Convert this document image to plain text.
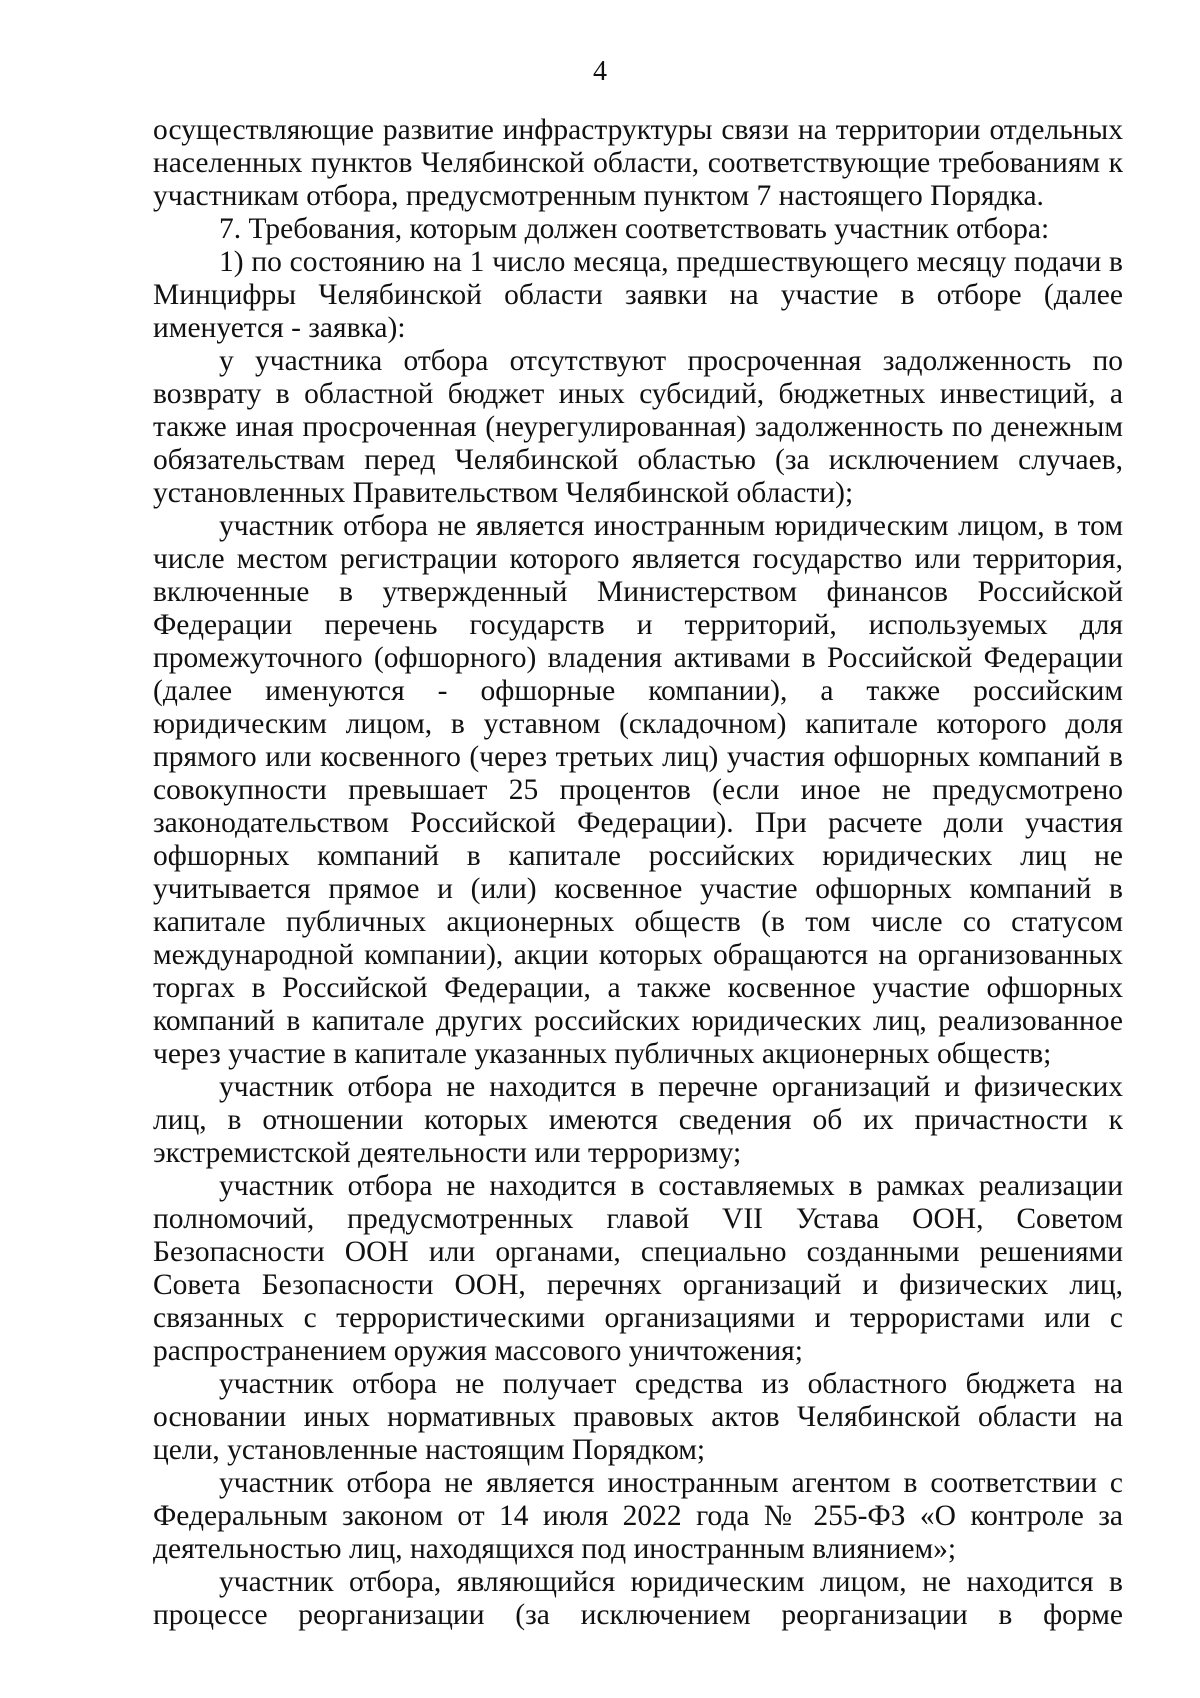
4

осуществляющие развитие инфраструктуры связи на территории отдельных населенных пунктов Челябинской области, соответствующие требованиям к участникам отбора, предусмотренным пунктом 7 настоящего Порядка.

7. Требования, которым должен соответствовать участник отбора:

1) по состоянию на 1 число месяца, предшествующего месяцу подачи в Минцифры Челябинской области заявки на участие в отборе (далее именуется - заявка):

у участника отбора отсутствуют просроченная задолженность по возврату в областной бюджет иных субсидий, бюджетных инвестиций, а также иная просроченная (неурегулированная) задолженность по денежным обязательствам перед Челябинской областью (за исключением случаев, установленных Правительством Челябинской области);

участник отбора не является иностранным юридическим лицом, в том числе местом регистрации которого является государство или территория, включенные в утвержденный Министерством финансов Российской Федерации перечень государств и территорий, используемых для промежуточного (офшорного) владения активами в Российской Федерации (далее именуются - офшорные компании), а также российским юридическим лицом, в уставном (складочном) капитале которого доля прямого или косвенного (через третьих лиц) участия офшорных компаний в совокупности превышает 25 процентов (если иное не предусмотрено законодательством Российской Федерации). При расчете доли участия офшорных компаний в капитале российских юридических лиц не учитывается прямое и (или) косвенное участие офшорных компаний в капитале публичных акционерных обществ (в том числе со статусом международной компании), акции которых обращаются на организованных торгах в Российской Федерации, а также косвенное участие офшорных компаний в капитале других российских юридических лиц, реализованное через участие в капитале указанных публичных акционерных обществ;

участник отбора не находится в перечне организаций и физических лиц, в отношении которых имеются сведения об их причастности к экстремистской деятельности или терроризму;

участник отбора не находится в составляемых в рамках реализации полномочий, предусмотренных главой VII Устава ООН, Советом Безопасности ООН или органами, специально созданными решениями Совета Безопасности ООН, перечнях организаций и физических лиц, связанных с террористическими организациями и террористами или с распространением оружия массового уничтожения;

участник отбора не получает средства из областного бюджета на основании иных нормативных правовых актов Челябинской области на цели, установленные настоящим Порядком;

участник отбора не является иностранным агентом в соответствии с Федеральным законом от 14 июля 2022 года № 255-ФЗ «О контроле за деятельностью лиц, находящихся под иностранным влиянием»;

участник отбора, являющийся юридическим лицом, не находится в процессе реорганизации (за исключением реорганизации в форме
